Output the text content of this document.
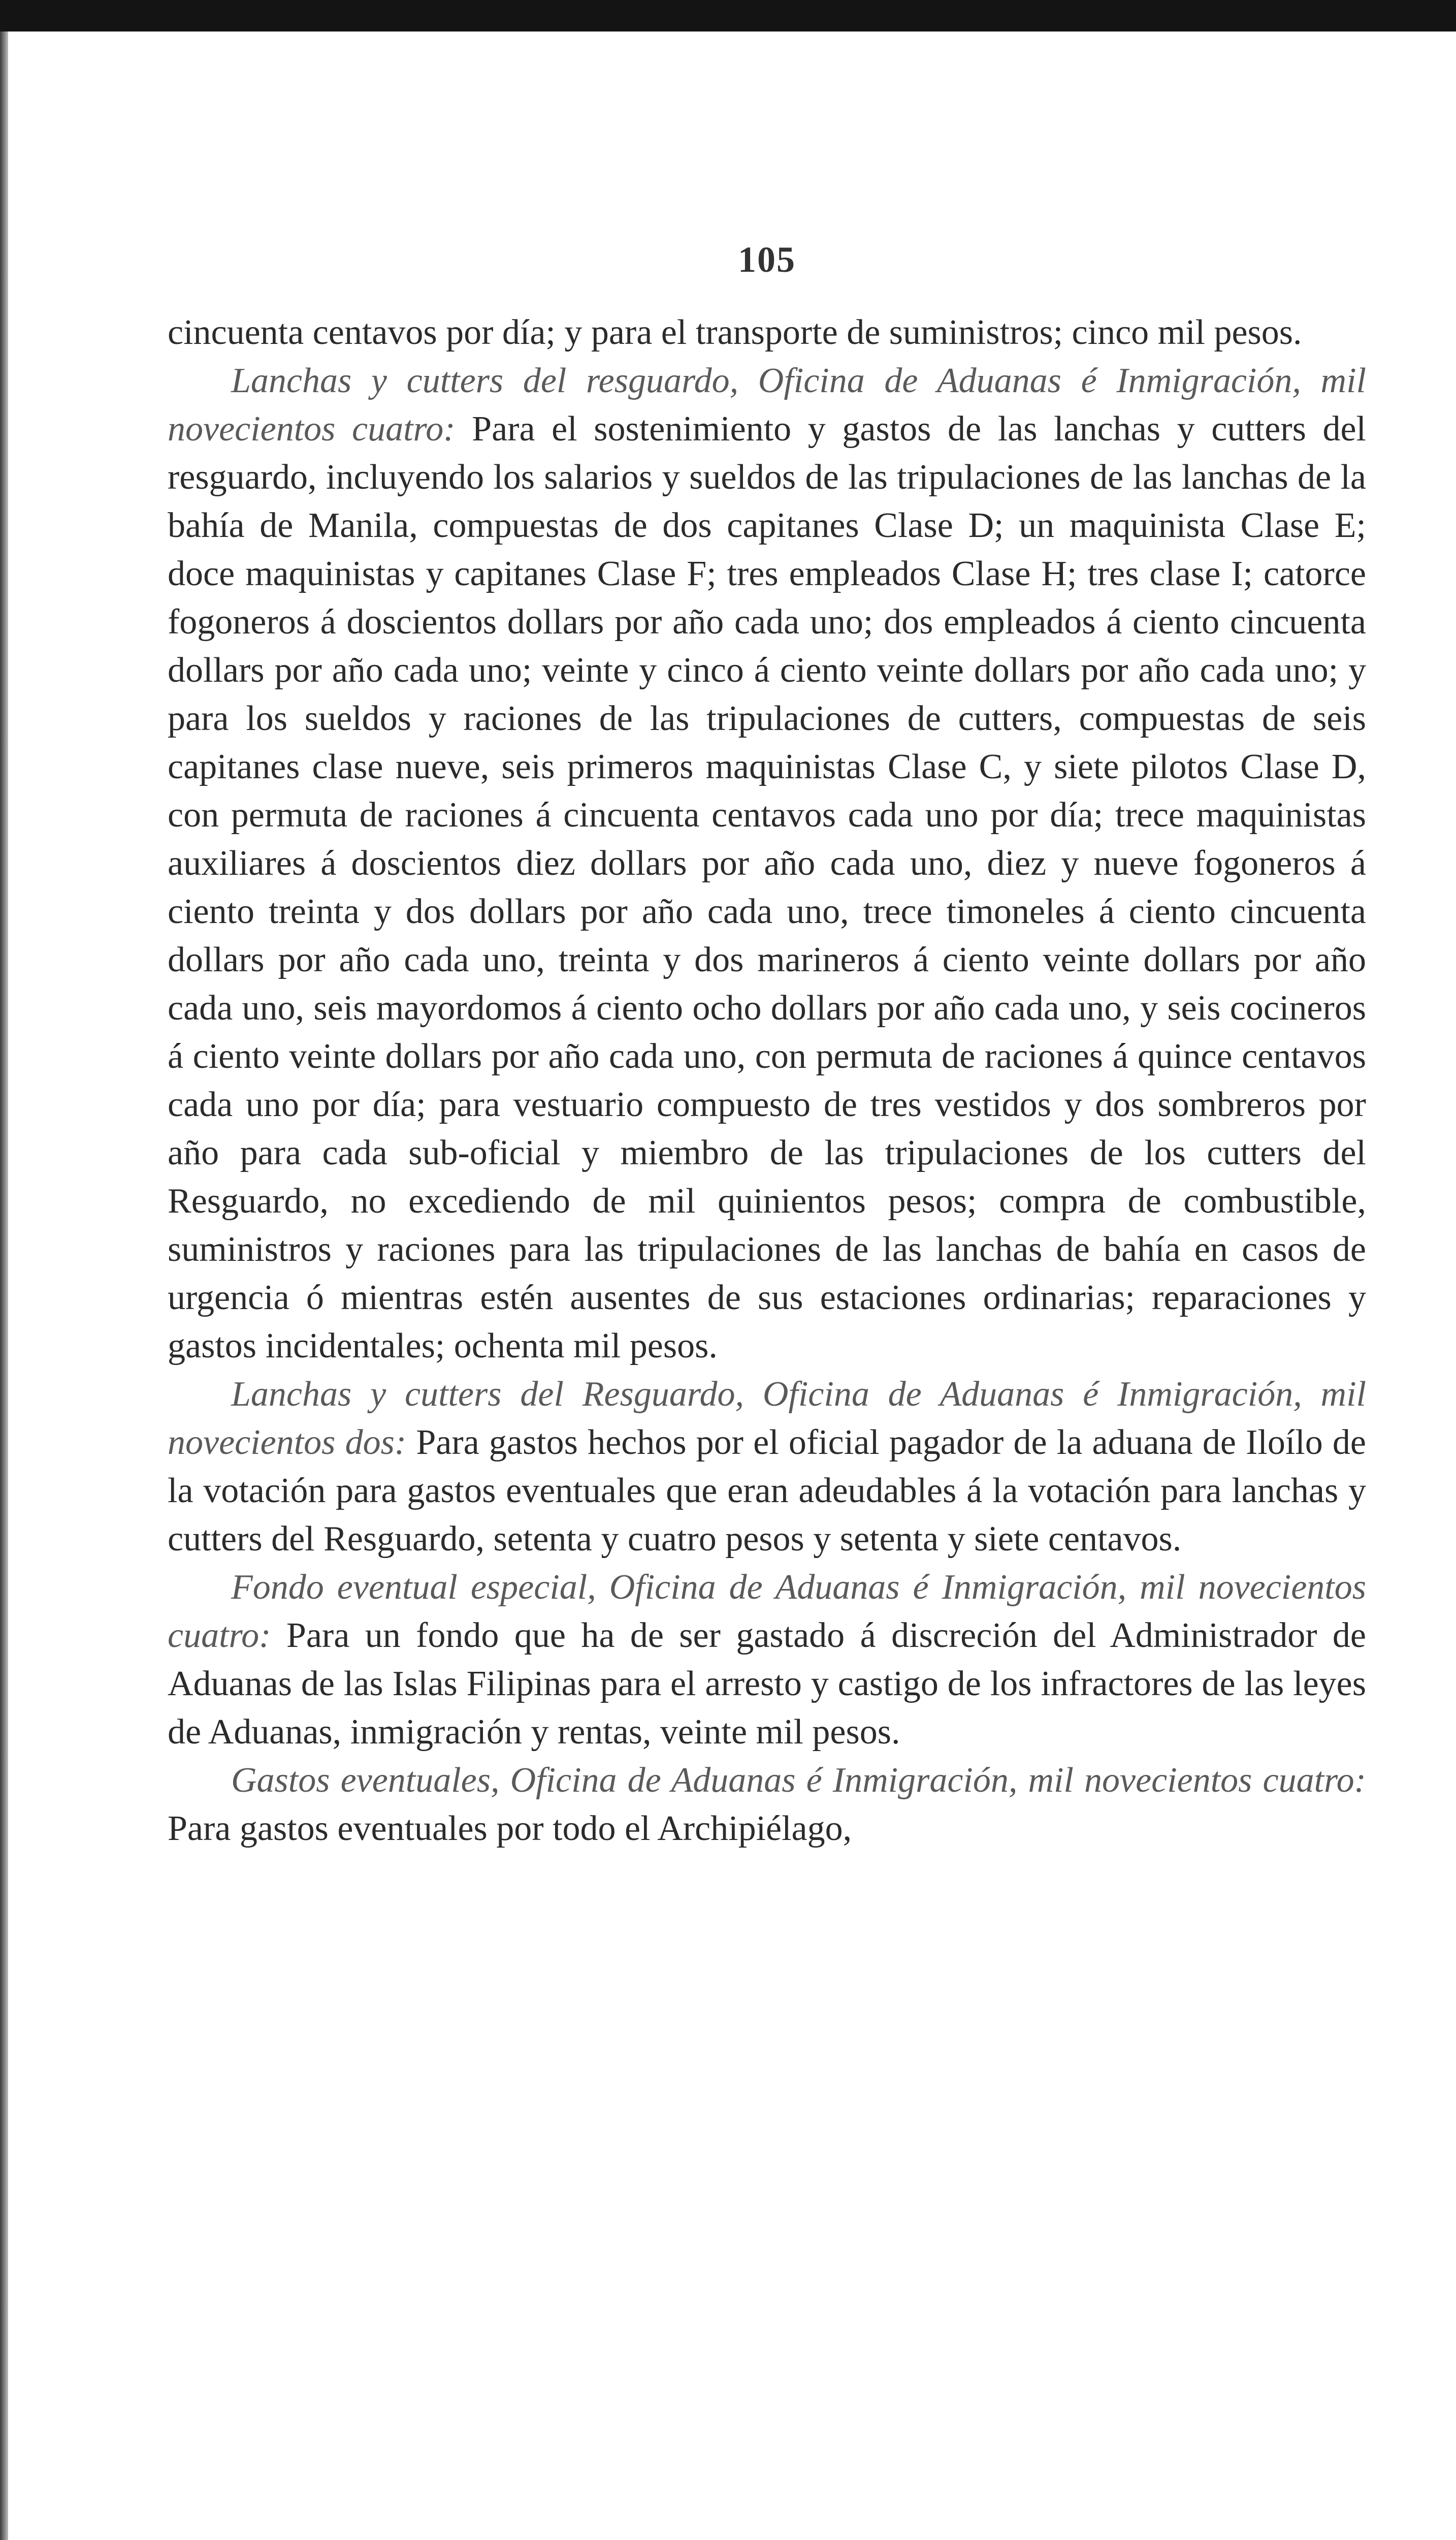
105

cincuenta centavos por día; y para el transporte de suministros; cinco mil pesos.

Lanchas y cutters del resguardo, Oficina de Aduanas é Inmigración, mil novecientos cuatro: Para el sostenimiento y gastos de las lanchas y cutters del resguardo, incluyendo los salarios y sueldos de las tripulaciones de las lanchas de la bahía de Manila, compuestas de dos capitanes Clase D; un maquinista Clase E; doce maquinistas y capitanes Clase F; tres empleados Clase H; tres clase I; catorce fogoneros á doscientos dollars por año cada uno; dos empleados á ciento cincuenta dollars por año cada uno; veinte y cinco á ciento veinte dollars por año cada uno; y para los sueldos y raciones de las tripulaciones de cutters, compuestas de seis capitanes clase nueve, seis primeros maquinistas Clase C, y siete pilotos Clase D, con permuta de raciones á cincuenta centavos cada uno por día; trece maquinistas auxiliares á doscientos diez dollars por año cada uno, diez y nueve fogoneros á ciento treinta y dos dollars por año cada uno, trece timoneles á ciento cincuenta dollars por año cada uno, treinta y dos marineros á ciento veinte dollars por año cada uno, seis mayordomos á ciento ocho dollars por año cada uno, y seis cocineros á ciento veinte dollars por año cada uno, con permuta de raciones á quince centavos cada uno por día; para vestuario compuesto de tres vestidos y dos sombreros por año para cada sub-oficial y miembro de las tripulaciones de los cutters del Resguardo, no excediendo de mil quinientos pesos; compra de combustible, suministros y raciones para las tripulaciones de las lanchas de bahía en casos de urgencia ó mientras estén ausentes de sus estaciones ordinarias; reparaciones y gastos incidentales; ochenta mil pesos.

Lanchas y cutters del Resguardo, Oficina de Aduanas é Inmigración, mil novecientos dos: Para gastos hechos por el oficial pagador de la aduana de Iloílo de la votación para gastos eventuales que eran adeudables á la votación para lanchas y cutters del Resguardo, setenta y cuatro pesos y setenta y siete centavos.

Fondo eventual especial, Oficina de Aduanas é Inmigración, mil novecientos cuatro: Para un fondo que ha de ser gastado á discreción del Administrador de Aduanas de las Islas Filipinas para el arresto y castigo de los infractores de las leyes de Aduanas, inmigración y rentas, veinte mil pesos.

Gastos eventuales, Oficina de Aduanas é Inmigración, mil novecientos cuatro: Para gastos eventuales por todo el Archipiélago,
